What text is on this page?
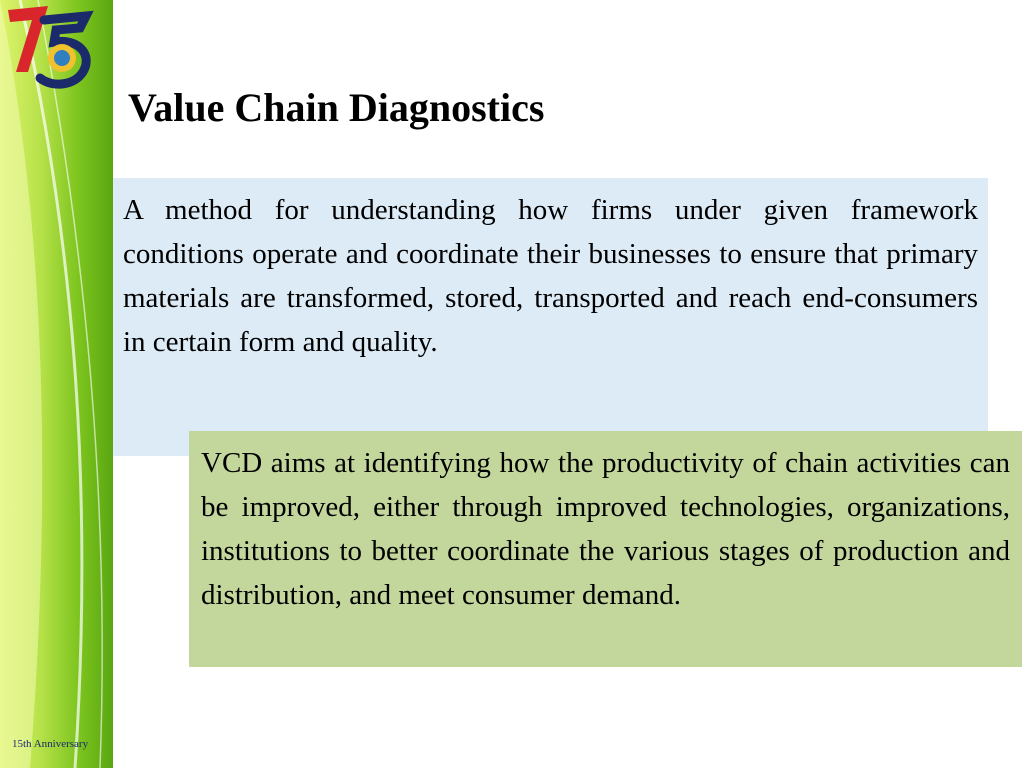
15th Anniversary
Value Chain Diagnostics

A method for understanding how firms under given framework conditions operate and coordinate their businesses to ensure that primary materials are transformed, stored, transported and reach end-consumers in certain form and quality.

VCD aims at identifying how the productivity of chain activities can be improved, either through improved technologies, organizations, institutions to better coordinate the various stages of production and distribution, and meet consumer demand.
